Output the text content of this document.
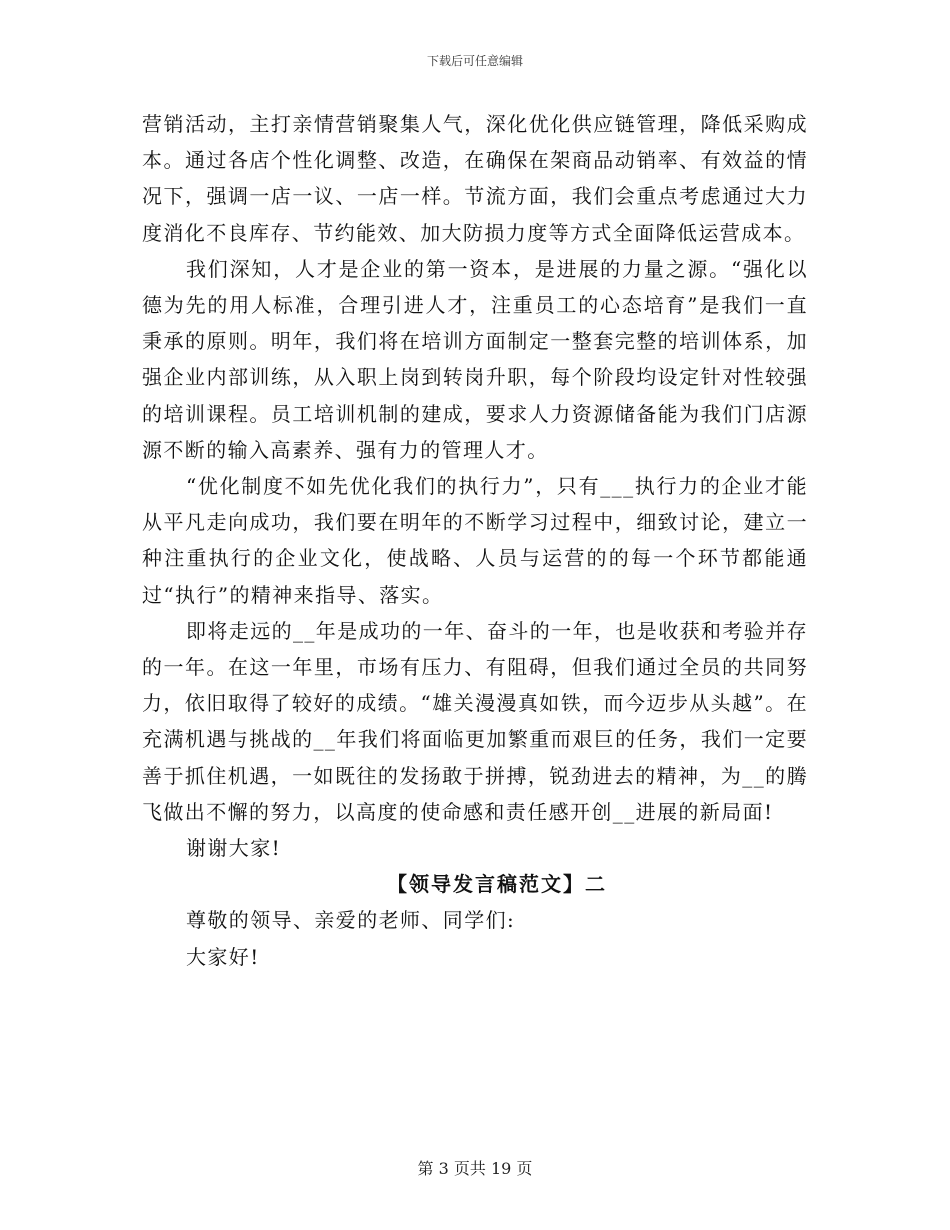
下载后可任意编辑

营销活动，主打亲情营销聚集人气，深化优化供应链管理，降低采购成本。通过各店个性化调整、改造，在确保在架商品动销率、有效益的情况下，强调一店一议、一店一样。节流方面，我们会重点考虑通过大力度消化不良库存、节约能效、加大防损力度等方式全面降低运营成本。

我们深知，人才是企业的第一资本，是进展的力量之源。“强化以德为先的用人标准，合理引进人才，注重员工的心态培育”是我们一直秉承的原则。明年，我们将在培训方面制定一整套完整的培训体系，加强企业内部训练，从入职上岗到转岗升职，每个阶段均设定针对性较强的培训课程。员工培训机制的建成，要求人力资源储备能为我们门店源源不断的输入高素养、强有力的管理人才。

“优化制度不如先优化我们的执行力”，只有___执行力的企业才能从平凡走向成功，我们要在明年的不断学习过程中，细致讨论，建立一种注重执行的企业文化，使战略、人员与运营的的每一个环节都能通过“执行”的精神来指导、落实。

即将走远的__年是成功的一年、奋斗的一年，也是收获和考验并存的一年。在这一年里，市场有压力、有阻碍，但我们通过全员的共同努力，依旧取得了较好的成绩。“雄关漫漫真如铁，而今迈步从头越”。在充满机遇与挑战的__年我们将面临更加繁重而艰巨的任务，我们一定要善于抓住机遇，一如既往的发扬敢于拼搏，锐劲进去的精神，为__的腾飞做出不懈的努力，以高度的使命感和责任感开创__进展的新局面!

谢谢大家!

【领导发言稿范文】二

尊敬的领导、亲爱的老师、同学们:

大家好!

第 3 页共 19 页
